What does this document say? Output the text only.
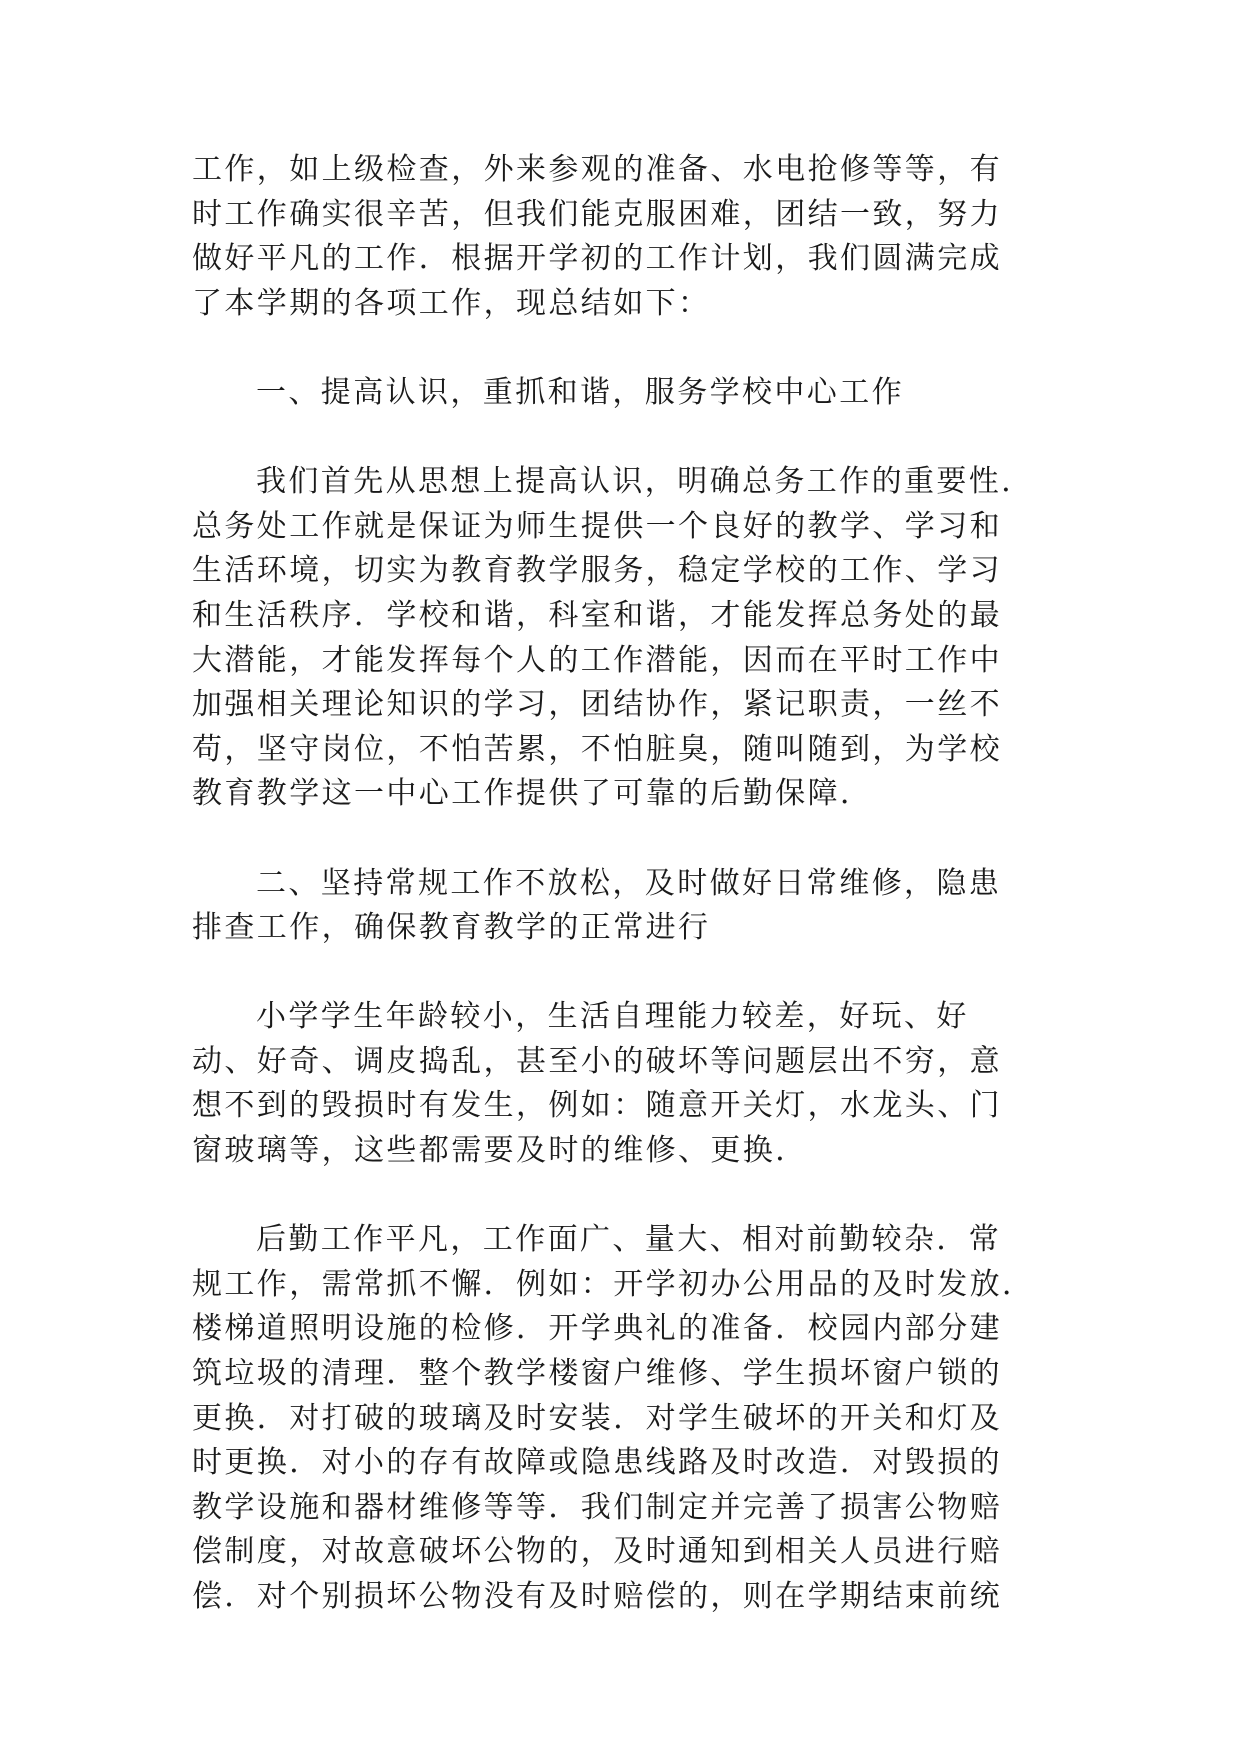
工作，如上级检查，外来参观的准备、水电抢修等等，有
时工作确实很辛苦，但我们能克服困难，团结一致，努力
做好平凡的工作．根据开学初的工作计划，我们圆满完成
了本学期的各项工作，现总结如下：
一、提高认识，重抓和谐，服务学校中心工作
我们首先从思想上提高认识，明确总务工作的重要性．
总务处工作就是保证为师生提供一个良好的教学、学习和
生活环境，切实为教育教学服务，稳定学校的工作、学习
和生活秩序．学校和谐，科室和谐，才能发挥总务处的最
大潜能，才能发挥每个人的工作潜能，因而在平时工作中
加强相关理论知识的学习，团结协作，紧记职责，一丝不
苟，坚守岗位，不怕苦累，不怕脏臭，随叫随到，为学校
教育教学这一中心工作提供了可靠的后勤保障．
二、坚持常规工作不放松，及时做好日常维修，隐患
排查工作，确保教育教学的正常进行
小学学生年龄较小，生活自理能力较差，好玩、好
动、好奇、调皮捣乱，甚至小的破坏等问题层出不穷，意
想不到的毁损时有发生，例如：随意开关灯，水龙头、门
窗玻璃等，这些都需要及时的维修、更换．
后勤工作平凡，工作面广、量大、相对前勤较杂．常
规工作，需常抓不懈．例如：开学初办公用品的及时发放．
楼梯道照明设施的检修．开学典礼的准备．校园内部分建
筑垃圾的清理．整个教学楼窗户维修、学生损坏窗户锁的
更换．对打破的玻璃及时安装．对学生破坏的开关和灯及
时更换．对小的存有故障或隐患线路及时改造．对毁损的
教学设施和器材维修等等．我们制定并完善了损害公物赔
偿制度，对故意破坏公物的，及时通知到相关人员进行赔
偿．对个别损坏公物没有及时赔偿的，则在学期结束前统
